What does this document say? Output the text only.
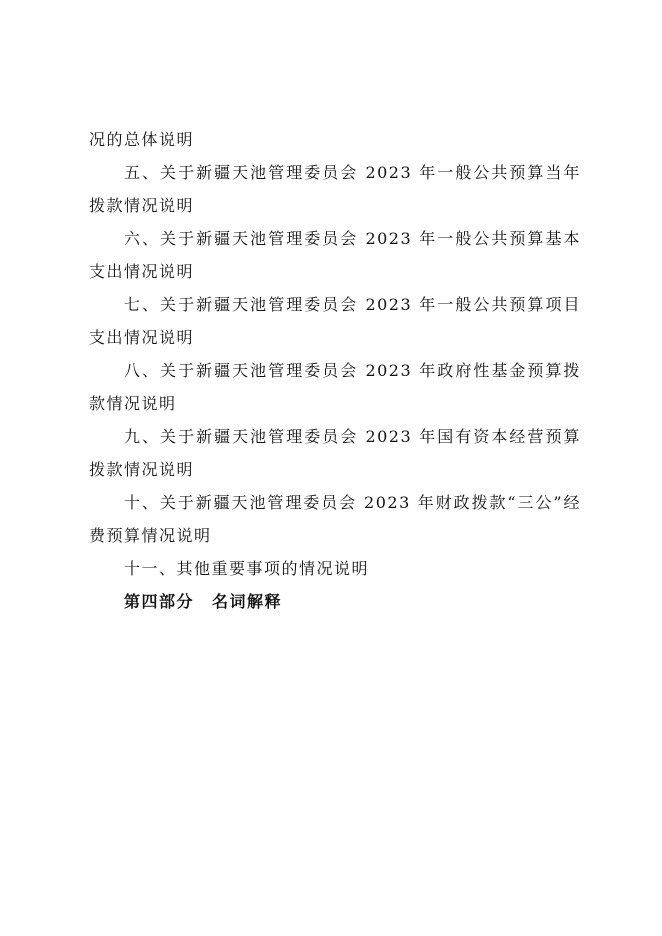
况的总体说明

五、关于新疆天池管理委员会 2023 年一般公共预算当年拨款情况说明

六、关于新疆天池管理委员会 2023 年一般公共预算基本支出情况说明

七、关于新疆天池管理委员会 2023 年一般公共预算项目支出情况说明

八、关于新疆天池管理委员会 2023 年政府性基金预算拨款情况说明

九、关于新疆天池管理委员会 2023 年国有资本经营预算拨款情况说明

十、关于新疆天池管理委员会 2023 年财政拨款“三公”经费预算情况说明

十一、其他重要事项的情况说明

第四部分 名词解释
